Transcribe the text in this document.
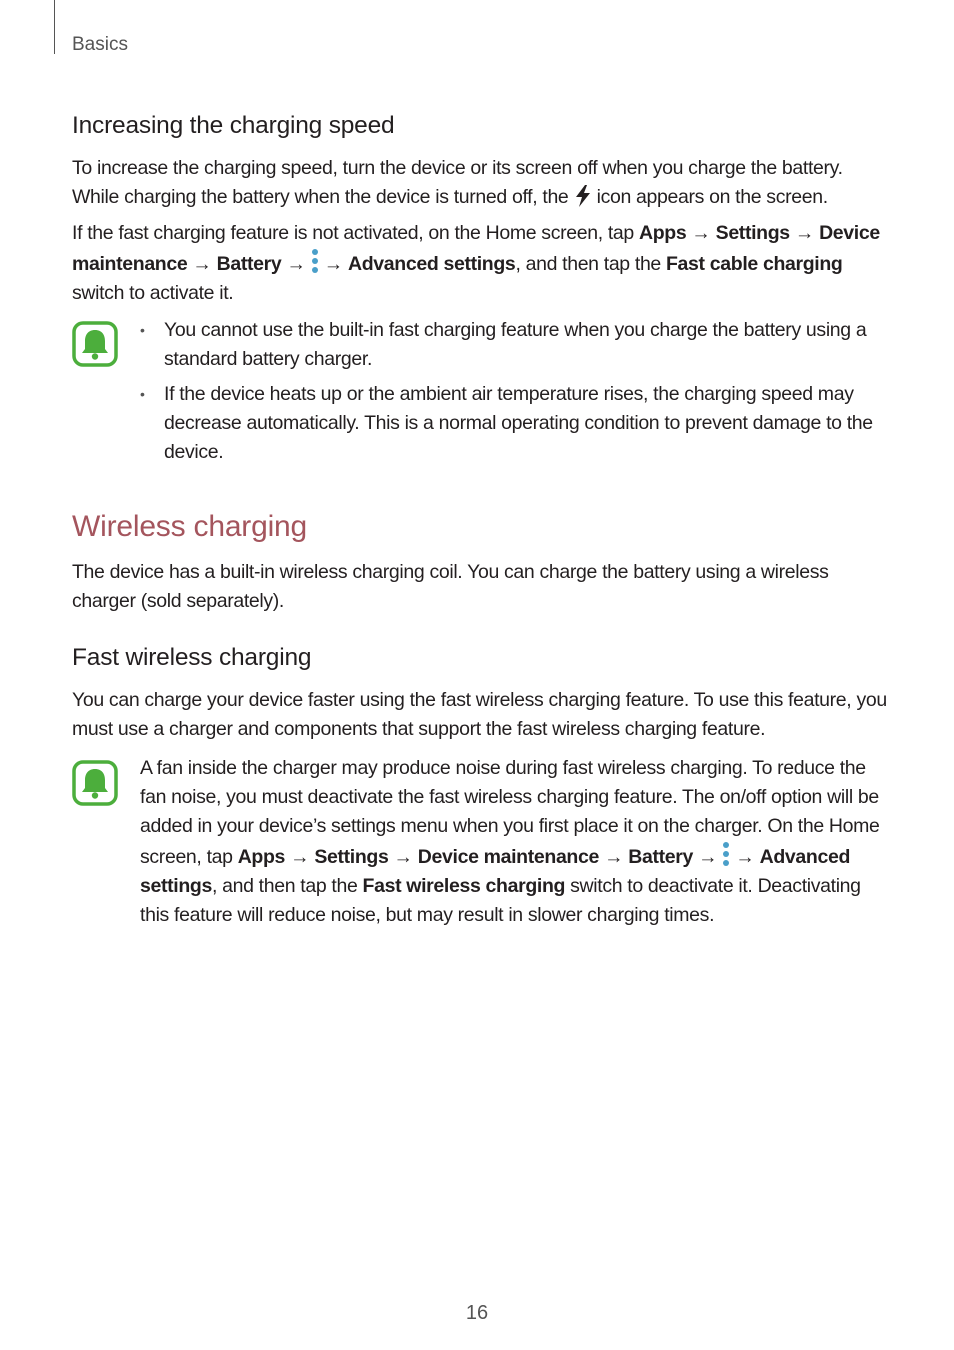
Basics
Increasing the charging speed

To increase the charging speed, turn the device or its screen off when you charge the battery. While charging the battery when the device is turned off, the icon appears on the screen.

If the fast charging feature is not activated, on the Home screen, tap Apps → Settings → Device maintenance → Battery →  → Advanced settings, and then tap the Fast cable charging switch to activate it.

• You cannot use the built-in fast charging feature when you charge the battery using a standard battery charger.
• If the device heats up or the ambient air temperature rises, the charging speed may decrease automatically. This is a normal operating condition to prevent damage to the device.
Wireless charging

The device has a built-in wireless charging coil. You can charge the battery using a wireless charger (sold separately).

Fast wireless charging

You can charge your device faster using the fast wireless charging feature. To use this feature, you must use a charger and components that support the fast wireless charging feature.

A fan inside the charger may produce noise during fast wireless charging. To reduce the fan noise, you must deactivate the fast wireless charging feature. The on/off option will be added in your device’s settings menu when you first place it on the charger. On the Home screen, tap Apps → Settings → Device maintenance → Battery →  → Advanced settings, and then tap the Fast wireless charging switch to deactivate it. Deactivating this feature will reduce noise, but may result in slower charging times.

16
